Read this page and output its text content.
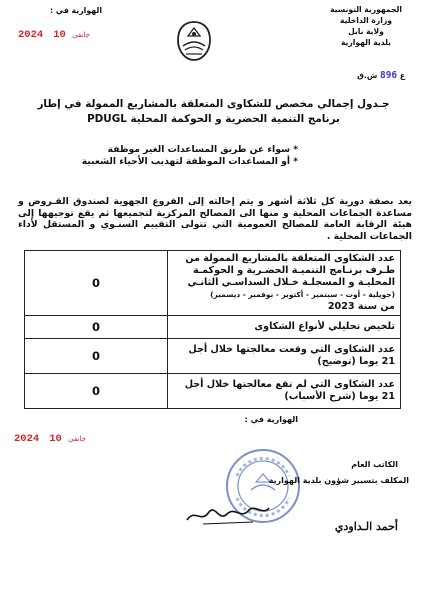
الجمهورية التونسية
وزارة الداخلية
ولاية نابل
بلدية الهوارية
ع 896 ش.ق
الهوارية في :
2024 10 جانفي
جـدول إجمالي مخصص للشكاوى المتعلقة بالمشاريع الممولة في إطار
برنامج التنمية الحضرية و الحوكمة المحلية PDUGL
* سواء عن طريق المساعدات الغير موظفة
* أو المساعدات الموظفة لتهذيب الأحياء الشعبية
يعد بصفة دورية كل ثلاثة أشهر و يتم إحالته إلى الفروع الجهوية لصندوق القـروض و مساعدة الجماعات المحلية و منها الى المصالح المركزية لتجميعها ثم يقع توجيهها إلى هيئة الرقابة العامة للمصالح العمومية التي تتولى التقييم السنـوي و المستقل لأداء الجماعات المحلية .
عدد الشكاوى المتعلقة بالمشاريع الممولة من طـرف برنـامج التنميـة الحضـرية و الحوكمـة المحليـة و المسجلـة خـلال السداسـي الثانـي
(جويلية - أوت - سبتمبر - أكتوبر - نوفمبر - ديسمبر)
من سنة 2023	0
تلخيص تحليلي لأنواع الشكاوى	0
عدد الشكاوى التي وقعت معالجتها خلال أجل 21 يوما (توضيح)	0
عدد الشكاوى التي لم تقع معالجتها خلال أجل 21 يوما (شرح الأسباب)	0
الهوارية في :
2024 10 جانفي
الكاتب العام
المكلف بتسيير شؤون بلدية الهوارية
أحمد الـداودي
